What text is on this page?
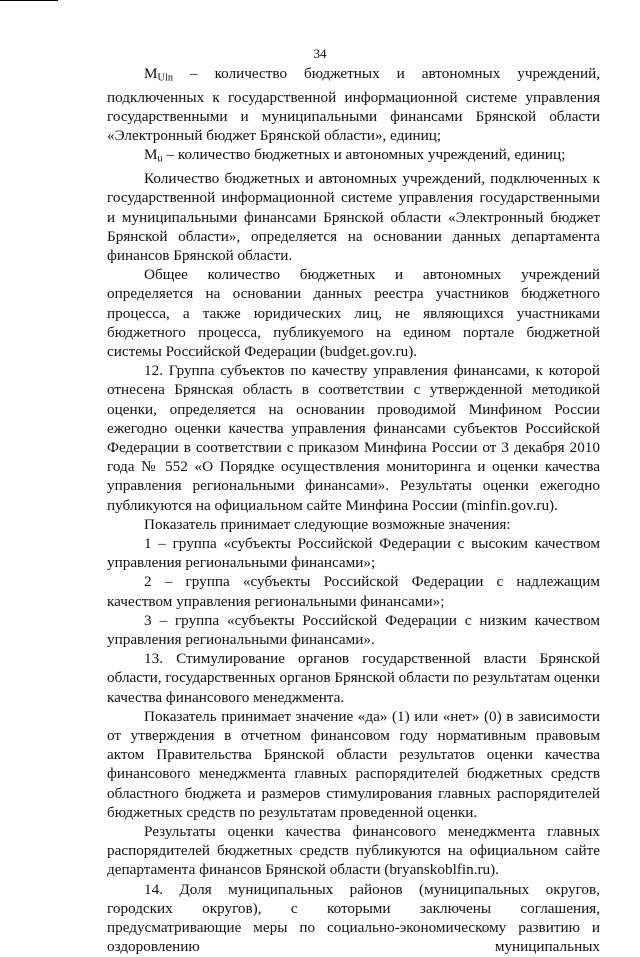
34

$M_{Uln}$ – количество бюджетных и автономных учреждений, подключенных к государственной информационной системе управления государственными и муниципальными финансами Брянской области «Электронный бюджет Брянской области», единиц;

$M_u$ – количество бюджетных и автономных учреждений, единиц;

Количество бюджетных и автономных учреждений, подключенных к государственной информационной системе управления государственными и муниципальными финансами Брянской области «Электронный бюджет Брянской области», определяется на основании данных департамента финансов Брянской области.

Общее количество бюджетных и автономных учреждений определяется на основании данных реестра участников бюджетного процесса, а также юридических лиц, не являющихся участниками бюджетного процесса, публикуемого на едином портале бюджетной системы Российской Федерации (budget.gov.ru).

12. Группа субъектов по качеству управления финансами, к которой отнесена Брянская область в соответствии с утвержденной методикой оценки, определяется на основании проводимой Минфином России ежегодно оценки качества управления финансами субъектов Российской Федерации в соответствии с приказом Минфина России от 3 декабря 2010 года № 552 «О Порядке осуществления мониторинга и оценки качества управления региональными финансами». Результаты оценки ежегодно публикуются на официальном сайте Минфина России (minfin.gov.ru).

Показатель принимает следующие возможные значения:

1 – группа «субъекты Российской Федерации с высоким качеством управления региональными финансами»;

2 – группа «субъекты Российской Федерации с надлежащим качеством управления региональными финансами»;

3 – группа «субъекты Российской Федерации с низким качеством управления региональными финансами».

13. Стимулирование органов государственной власти Брянской области, государственных органов Брянской области по результатам оценки качества финансового менеджмента.

Показатель принимает значение «да» (1) или «нет» (0) в зависимости от утверждения в отчетном финансовом году нормативным правовым актом Правительства Брянской области результатов оценки качества финансового менеджмента главных распорядителей бюджетных средств областного бюджета и размеров стимулирования главных распорядителей бюджетных средств по результатам проведенной оценки.

Результаты оценки качества финансового менеджмента главных распорядителей бюджетных средств публикуются на официальном сайте департамента финансов Брянской области (bryanskoblfin.ru).

14. Доля муниципальных районов (муниципальных округов, городских округов), с которыми заключены соглашения, предусматривающие меры по социально-экономическому развитию и оздоровлению муниципальных
